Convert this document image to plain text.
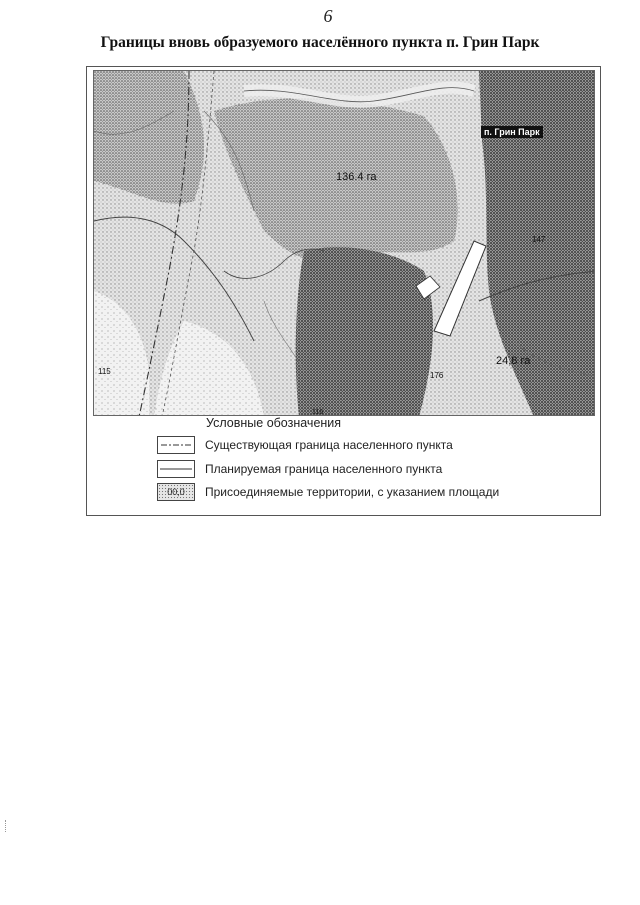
6
Границы вновь образуемого населённого пункта п. Грин Парк
п. Грин Парк
136.4 га
24,8 га
147
115	176
116
Условные обозначения
Существующая граница населенного пункта
Планируемая граница населенного пункта
00,0	Присоединяемые территории, с указанием площади
